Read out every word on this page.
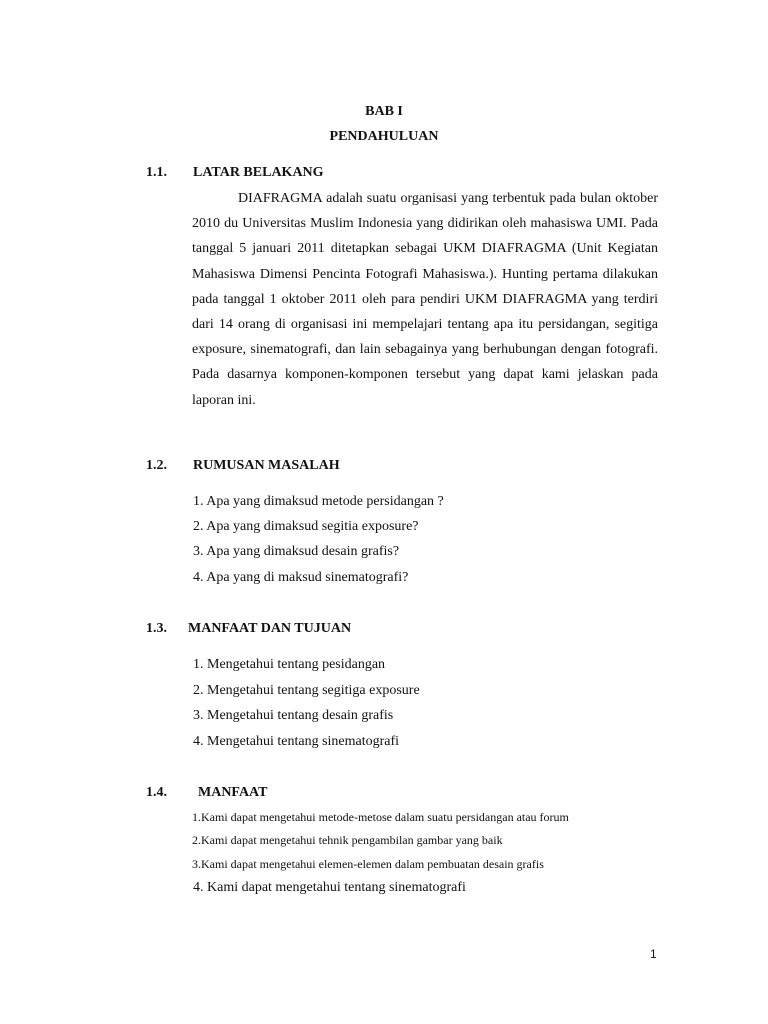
BAB I
PENDAHULUAN
1.1. LATAR BELAKANG

DIAFRAGMA adalah suatu organisasi yang terbentuk pada bulan oktober 2010 du Universitas Muslim Indonesia yang didirikan oleh mahasiswa UMI. Pada tanggal 5 januari 2011 ditetapkan sebagai UKM DIAFRAGMA (Unit Kegiatan Mahasiswa Dimensi Pencinta Fotografi Mahasiswa.). Hunting pertama dilakukan pada tanggal 1 oktober 2011 oleh para pendiri UKM DIAFRAGMA yang terdiri dari 14 orang di organisasi ini mempelajari tentang apa itu persidangan, segitiga exposure, sinematografi, dan lain sebagainya yang berhubungan dengan fotografi. Pada dasarnya komponen-komponen tersebut yang dapat kami jelaskan pada laporan ini.

1.2. RUMUSAN MASALAH
1. Apa yang dimaksud metode persidangan ?
2. Apa yang dimaksud segitia exposure?
3. Apa yang dimaksud desain grafis?
4. Apa yang di maksud sinematografi?
1.3. MANFAAT DAN TUJUAN
1. Mengetahui tentang pesidangan
2. Mengetahui tentang segitiga exposure
3. Mengetahui tentang desain grafis
4. Mengetahui tentang sinematografi
1.4. MANFAAT
1.Kami dapat mengetahui metode-metose dalam suatu persidangan atau forum
2.Kami dapat mengetahui tehnik pengambilan gambar yang baik
3.Kami dapat mengetahui elemen-elemen dalam pembuatan desain grafis
4. Kami dapat mengetahui tentang sinematografi
1
